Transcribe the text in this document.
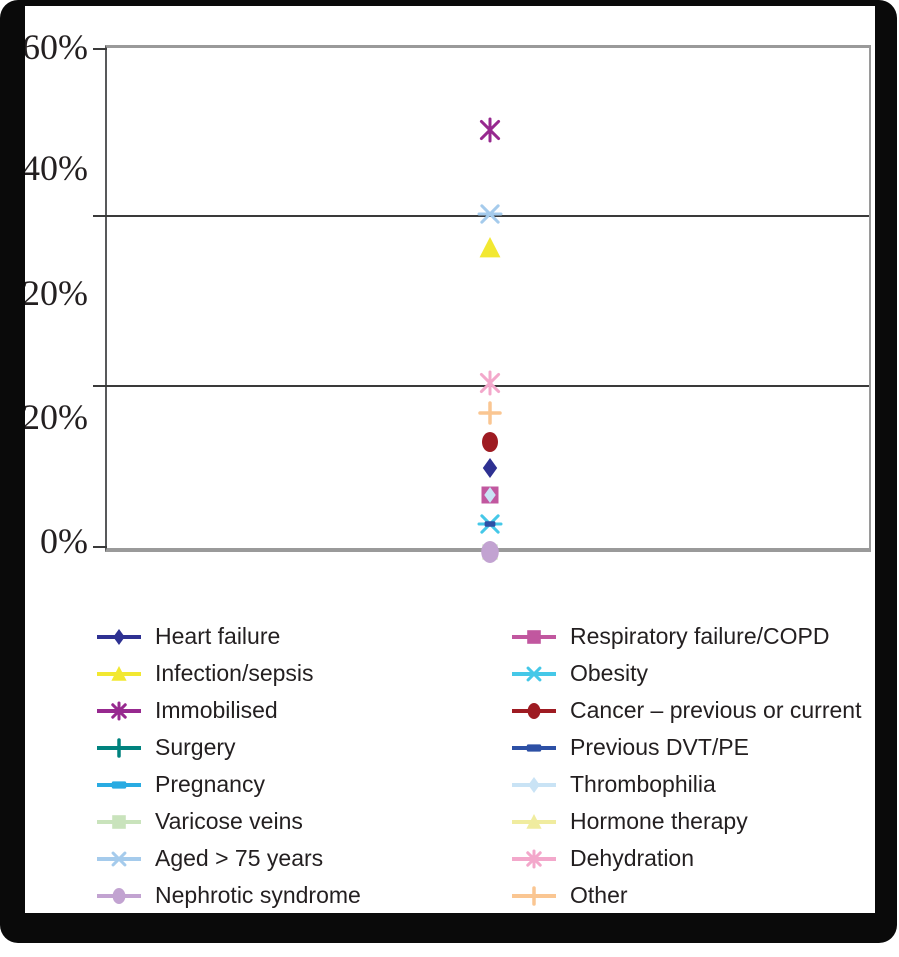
60%
40%
20%
20%
0%
Heart failure
Infection/sepsis
Immobilised
Surgery
Pregnancy
Varicose veins
Aged > 75 years
Nephrotic syndrome
Respiratory failure/COPD
Obesity
Cancer – previous or current
Previous DVT/PE
Thrombophilia
Hormone therapy
Dehydration
Other
